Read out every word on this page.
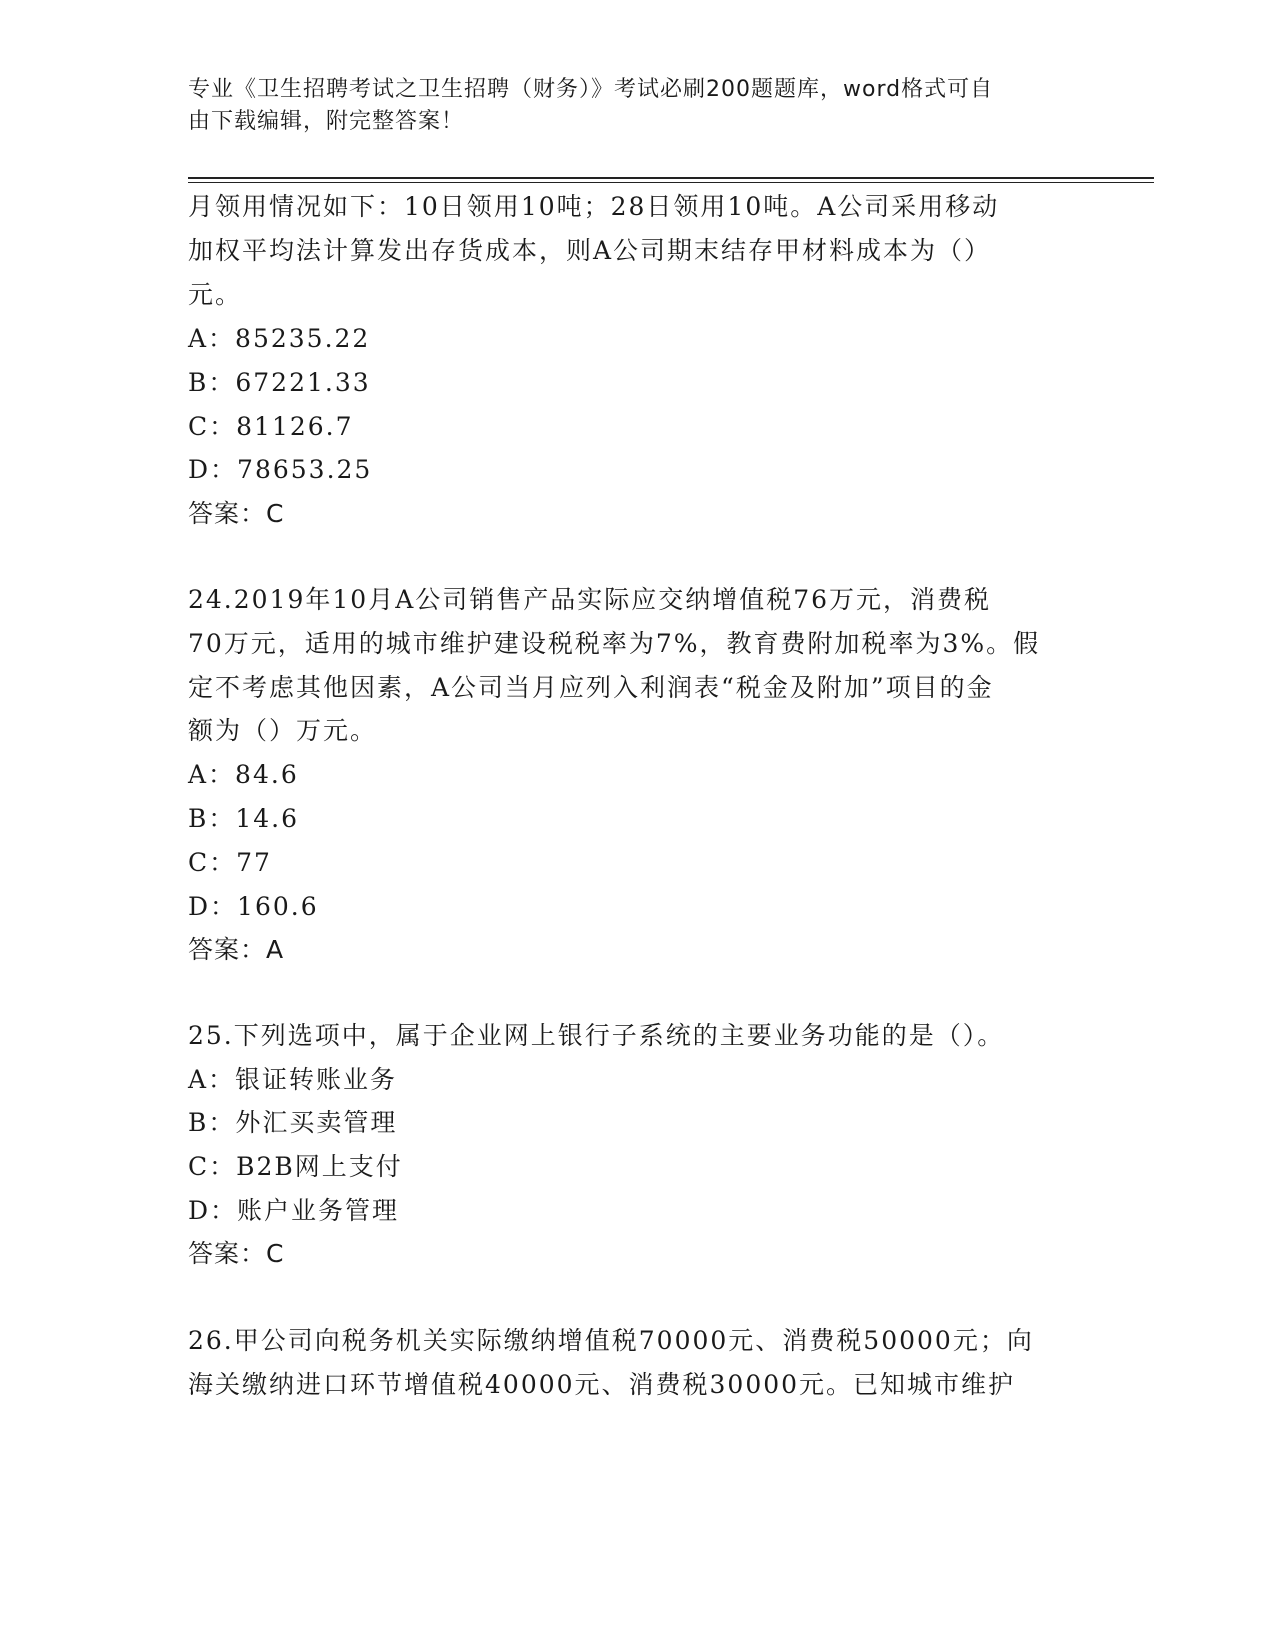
专业《卫生招聘考试之卫生招聘（财务）》考试必刷200题题库，word格式可自
由下载编辑，附完整答案！
月领用情况如下：10日领用10吨；28日领用10吨。A公司采用移动
加权平均法计算发出存货成本，则A公司期末结存甲材料成本为（）
元。
A：85235.22
B：67221.33
C：81126.7
D：78653.25
答案：C
24.2019年10月A公司销售产品实际应交纳增值税76万元，消费税
70万元，适用的城市维护建设税税率为7%，教育费附加税率为3%。假
定不考虑其他因素，A公司当月应列入利润表“税金及附加”项目的金
额为（）万元。
A：84.6
B：14.6
C：77
D：160.6
答案：A
25.下列选项中，属于企业网上银行子系统的主要业务功能的是（）。
A：银证转账业务
B：外汇买卖管理
C：B2B网上支付
D：账户业务管理
答案：C
26.甲公司向税务机关实际缴纳增值税70000元、消费税50000元；向
海关缴纳进口环节增值税40000元、消费税30000元。已知城市维护
